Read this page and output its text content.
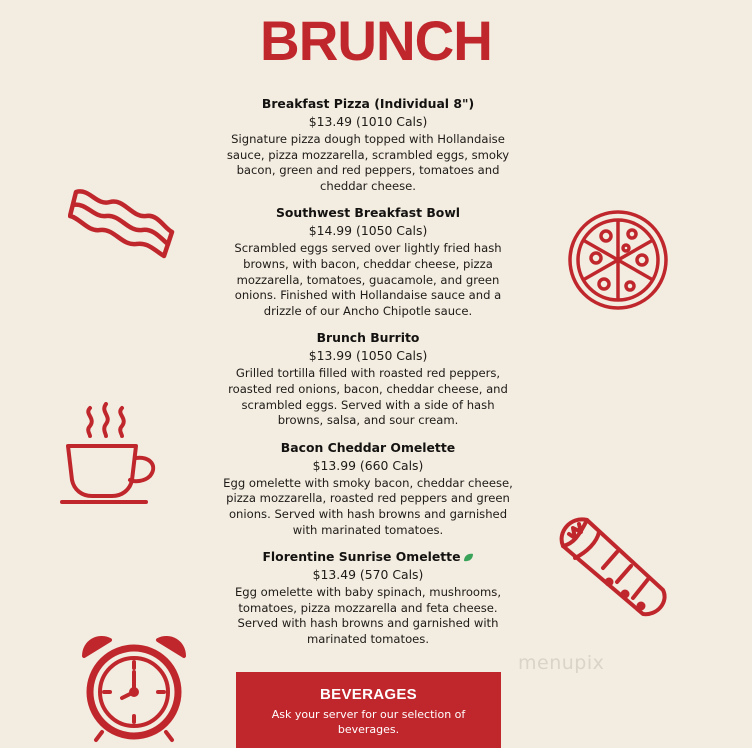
BRUNCH
Breakfast Pizza (Individual 8")
$13.49 (1010 Cals)
Signature pizza dough topped with Hollandaise sauce, pizza mozzarella, scrambled eggs, smoky bacon, green and red peppers, tomatoes and cheddar cheese.
Southwest Breakfast Bowl
$14.99 (1050 Cals)
Scrambled eggs served over lightly fried hash browns, with bacon, cheddar cheese, pizza mozzarella, tomatoes, guacamole, and green onions. Finished with Hollandaise sauce and a drizzle of our Ancho Chipotle sauce.
Brunch Burrito
$13.99 (1050 Cals)
Grilled tortilla filled with roasted red peppers, roasted red onions, bacon, cheddar cheese, and scrambled eggs. Served with a side of hash browns, salsa, and sour cream.
Bacon Cheddar Omelette
$13.99 (660 Cals)
Egg omelette with smoky bacon, cheddar cheese, pizza mozzarella, roasted red peppers and green onions. Served with hash browns and garnished with marinated tomatoes.
Florentine Sunrise Omelette
$13.49 (570 Cals)
Egg omelette with baby spinach, mushrooms, tomatoes, pizza mozzarella and feta cheese. Served with hash browns and garnished with marinated tomatoes.
menupix
BEVERAGES
Ask your server for our selection of beverages.
